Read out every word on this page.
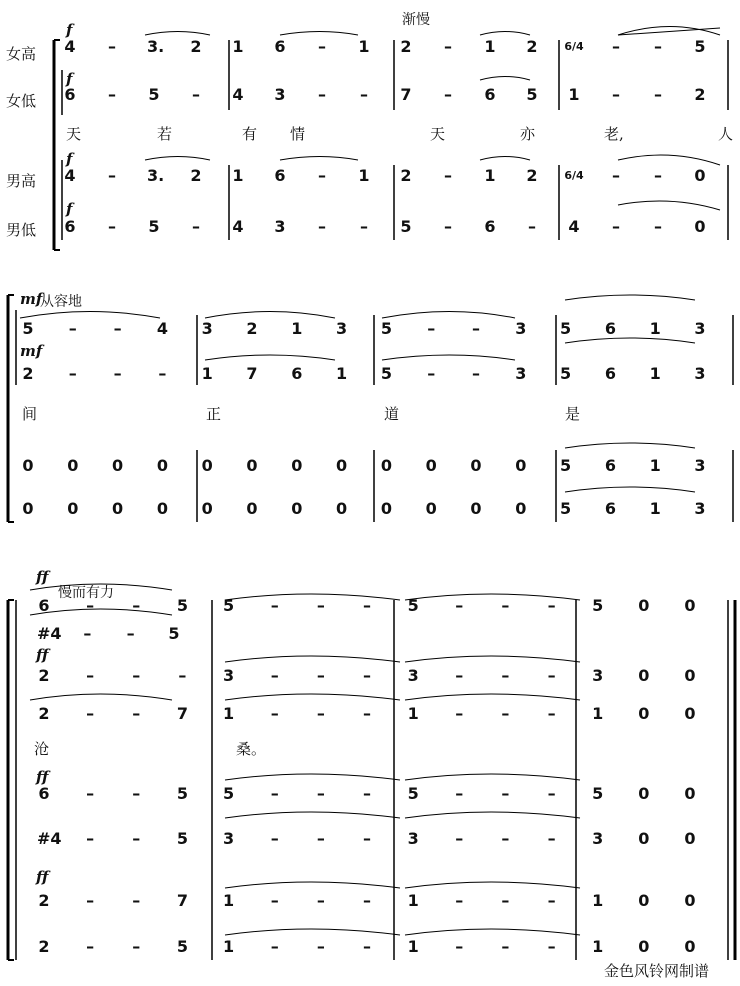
女高
女低
男高
男低
4 – 3. 2 1 6 – 1 2 – 1 2 6/4 – – 5
6 – 5 – 4 3 – – 7 – 6 5 1 – – 2
4 – 3. 2 1 6 – 1 2 – 1 2 6/4 – – 0
6 – 5 – 4 3 – – 5 – 6 – 4 – – 0
5 – – 4 3 2 1 3 5 – – 3 5 6 1 3
2 – – – 1 7 6 1 5 – – 3 5 6 1 3
0 0 0 0 0 0 0 0 0 0 0 0 5 6 1 3
0 0 0 0 0 0 0 0 0 0 0 0 5 6 1 3
6 – – 5 5 – – – 5 – – – 5 0 0
#4 – – 5
2 – – – 3 – – – 3 – – – 3 0 0
2 – – 7 1 – – – 1 – – – 1 0 0
6 – – 5 5 – – – 5 – – – 5 0 0
#4 – – 5 3 – – – 3 – – – 3 0 0
2 – – 7 1 – – – 1 – – – 1 0 0
2 – – 5 1 – – – 1 – – – 1 0 0
天	若	有 情	天	亦	老,	人
间	正	道	是
沧	桑。
渐慢
从容地
慢而有力
f
f
f
f
mf
mf
ff
ff
ff
ff
金色风铃网制谱
